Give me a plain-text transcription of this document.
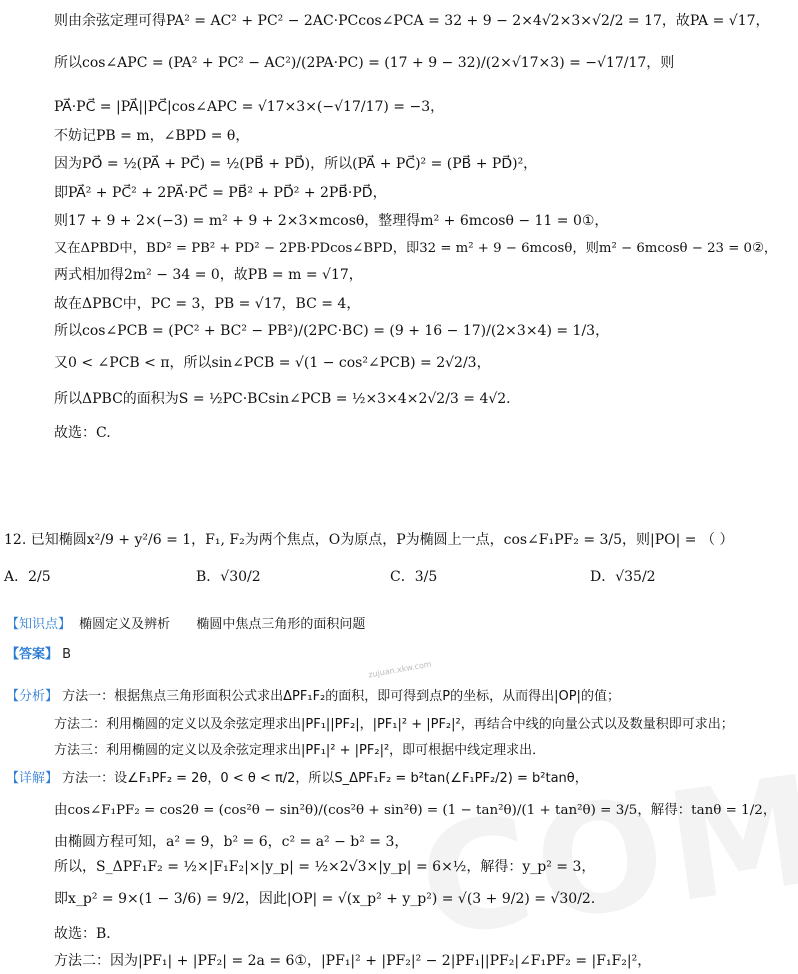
zujuan.xkw.com
则由余弦定理可得PA² = AC² + PC² − 2AC·PCcos∠PCA = 32 + 9 − 2×4√2×3×√2/2 = 17，故PA = √17，
所以cos∠APC = (PA² + PC² − AC²)/(2PA·PC) = (17 + 9 − 32)/(2×√17×3) = −√17/17，则
PA⃗·PC⃗ = |PA⃗||PC⃗|cos∠APC = √17×3×(−√17/17) = −3，
不妨记PB = m，∠BPD = θ，
因为PO⃗ = ½(PA⃗ + PC⃗) = ½(PB⃗ + PD⃗)，所以(PA⃗ + PC⃗)² = (PB⃗ + PD⃗)²，
即PA⃗² + PC⃗² + 2PA⃗·PC⃗ = PB⃗² + PD⃗² + 2PB⃗·PD⃗，
则17 + 9 + 2×(−3) = m² + 9 + 2×3×mcosθ，整理得m² + 6mcosθ − 11 = 0①，
又在ΔPBD中，BD² = PB² + PD² − 2PB·PDcos∠BPD，即32 = m² + 9 − 6mcosθ，则m² − 6mcosθ − 23 = 0②，
两式相加得2m² − 34 = 0，故PB = m = √17，
故在ΔPBC中，PC = 3，PB = √17，BC = 4，
所以cos∠PCB = (PC² + BC² − PB²)/(2PC·BC) = (9 + 16 − 17)/(2×3×4) = 1/3，
又0 < ∠PCB < π，所以sin∠PCB = √(1 − cos²∠PCB) = 2√2/3，
所以ΔPBC的面积为S = ½PC·BCsin∠PCB = ½×3×4×2√2/3 = 4√2．
故选：C.
12. 已知椭圆x²/9 + y²/6 = 1，F₁, F₂为两个焦点，O为原点，P为椭圆上一点，cos∠F₁PF₂ = 3/5，则|PO| = （ ）
A．2/5	B．√30/2	C．3/5	D．√35/2
【知识点】 椭圆定义及辨析 椭圆中焦点三角形的面积问题
【答案】 B
【分析】 方法一：根据焦点三角形面积公式求出ΔPF₁F₂的面积，即可得到点P的坐标，从而得出|OP|的值；
方法二：利用椭圆的定义以及余弦定理求出|PF₁||PF₂|，|PF₁|² + |PF₂|²，再结合中线的向量公式以及数量积即可求出；
方法三：利用椭圆的定义以及余弦定理求出|PF₁|² + |PF₂|²，即可根据中线定理求出．
【详解】 方法一：设∠F₁PF₂ = 2θ，0 < θ < π/2，所以S_ΔPF₁F₂ = b²tan(∠F₁PF₂/2) = b²tanθ，
由cos∠F₁PF₂ = cos2θ = (cos²θ − sin²θ)/(cos²θ + sin²θ) = (1 − tan²θ)/(1 + tan²θ) = 3/5，解得：tanθ = 1/2，
由椭圆方程可知，a² = 9，b² = 6，c² = a² − b² = 3，
所以，S_ΔPF₁F₂ = ½×|F₁F₂|×|y_p| = ½×2√3×|y_p| = 6×½，解得：y_p² = 3，
即x_p² = 9×(1 − 3/6) = 9/2，因此|OP| = √(x_p² + y_p²) = √(3 + 9/2) = √30/2．
故选：B．
方法二：因为|PF₁| + |PF₂| = 2a = 6①，|PF₁|² + |PF₂|² − 2|PF₁||PF₂|∠F₁PF₂ = |F₁F₂|²，
